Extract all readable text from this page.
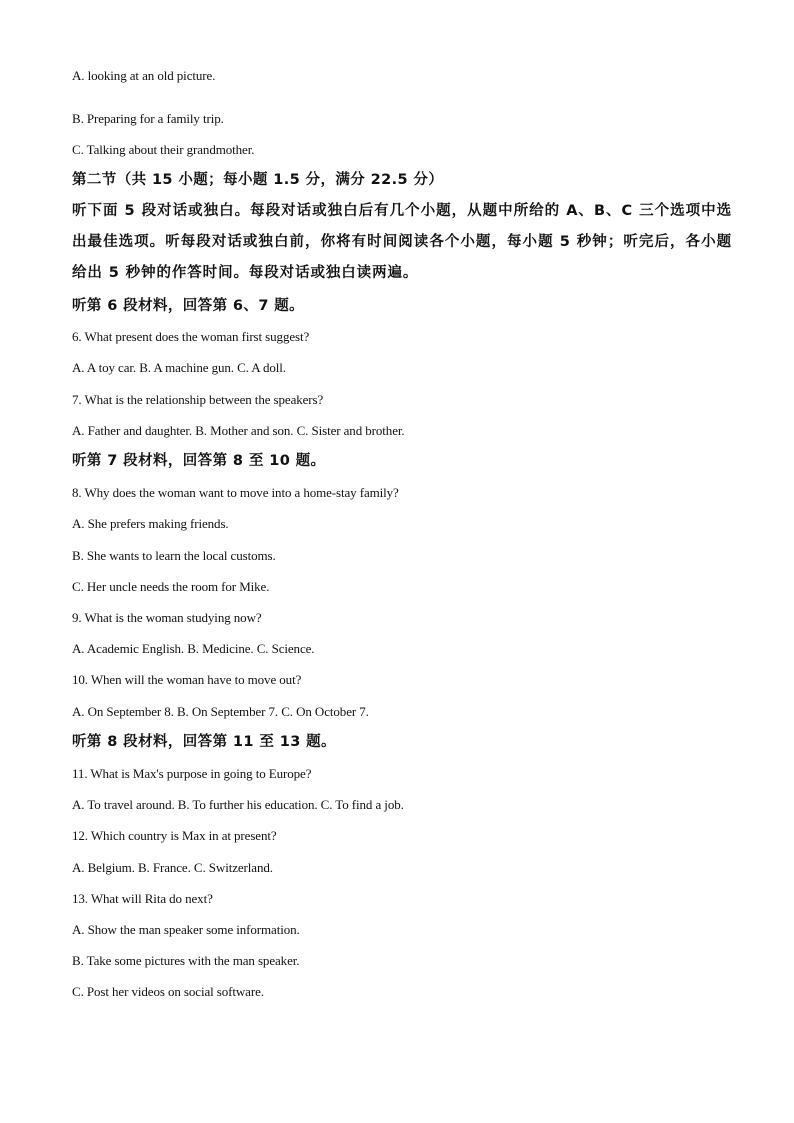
A. looking at an old picture.
B. Preparing for a family trip.
C. Talking about their grandmother.
第二节（共 15 小题；每小题 1.5 分，满分 22.5 分）
听下面 5 段对话或独白。每段对话或独白后有几个小题，从题中所给的 A、B、C 三个选项中选出最佳选项。听每段对话或独白前，你将有时间阅读各个小题，每小题 5 秒钟；听完后，各小题给出 5 秒钟的作答时间。每段对话或独白读两遍。
听第 6 段材料，回答第 6、7 题。
6. What present does the woman first suggest?
A. A toy car. B. A machine gun. C. A doll.
7. What is the relationship between the speakers?
A. Father and daughter. B. Mother and son. C. Sister and brother.
听第 7 段材料，回答第 8 至 10 题。
8. Why does the woman want to move into a home-stay family?
A. She prefers making friends.
B. She wants to learn the local customs.
C. Her uncle needs the room for Mike.
9. What is the woman studying now?
A. Academic English. B. Medicine. C. Science.
10. When will the woman have to move out?
A. On September 8. B. On September 7. C. On October 7.
听第 8 段材料，回答第 11 至 13 题。
11. What is Max's purpose in going to Europe?
A. To travel around. B. To further his education. C. To find a job.
12. Which country is Max in at present?
A. Belgium. B. France. C. Switzerland.
13. What will Rita do next?
A. Show the man speaker some information.
B. Take some pictures with the man speaker.
C. Post her videos on social software.
